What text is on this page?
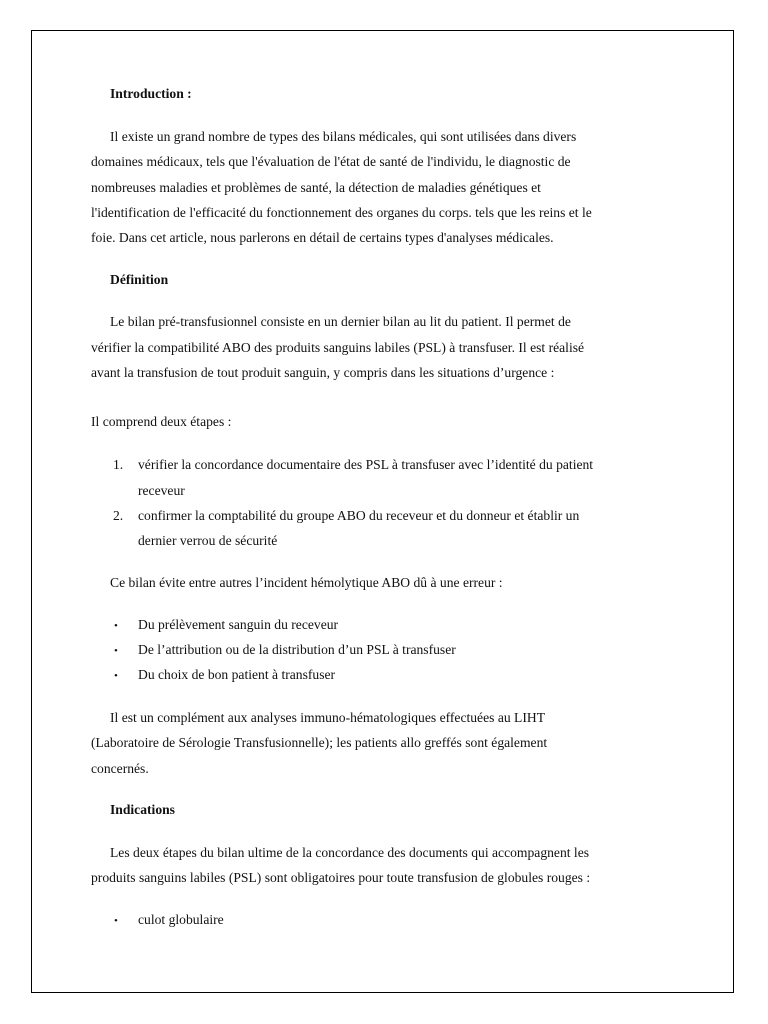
Introduction :
Il existe un grand nombre de types des bilans médicales, qui sont utilisées dans divers
domaines médicaux, tels que l'évaluation de l'état de santé de l'individu, le diagnostic de
nombreuses maladies et problèmes de santé, la détection de maladies génétiques et
l'identification de l'efficacité du fonctionnement des organes du corps. tels que les reins et le
foie. Dans cet article, nous parlerons en détail de certains types d'analyses médicales.
Définition
Le bilan pré-transfusionnel consiste en un dernier bilan au lit du patient. Il permet de
vérifier la compatibilité ABO des produits sanguins labiles (PSL) à transfuser. Il est réalisé
avant la transfusion de tout produit sanguin, y compris dans les situations d’urgence :
Il comprend deux étapes :
1. vérifier la concordance documentaire des PSL à transfuser avec l’identité du patient
receveur
2. confirmer la comptabilité du groupe ABO du receveur et du donneur et établir un
dernier verrou de sécurité
Ce bilan évite entre autres l’incident hémolytique ABO dû à une erreur :
• Du prélèvement sanguin du receveur
• De l’attribution ou de la distribution d’un PSL à transfuser
• Du choix de bon patient à transfuser
Il est un complément aux analyses immuno-hématologiques effectuées au LIHT
(Laboratoire de Sérologie Transfusionnelle); les patients allo greffés sont également
concernés.
Indications
Les deux étapes du bilan ultime de la concordance des documents qui accompagnent les
produits sanguins labiles (PSL) sont obligatoires pour toute transfusion de globules rouges :
• culot globulaire
